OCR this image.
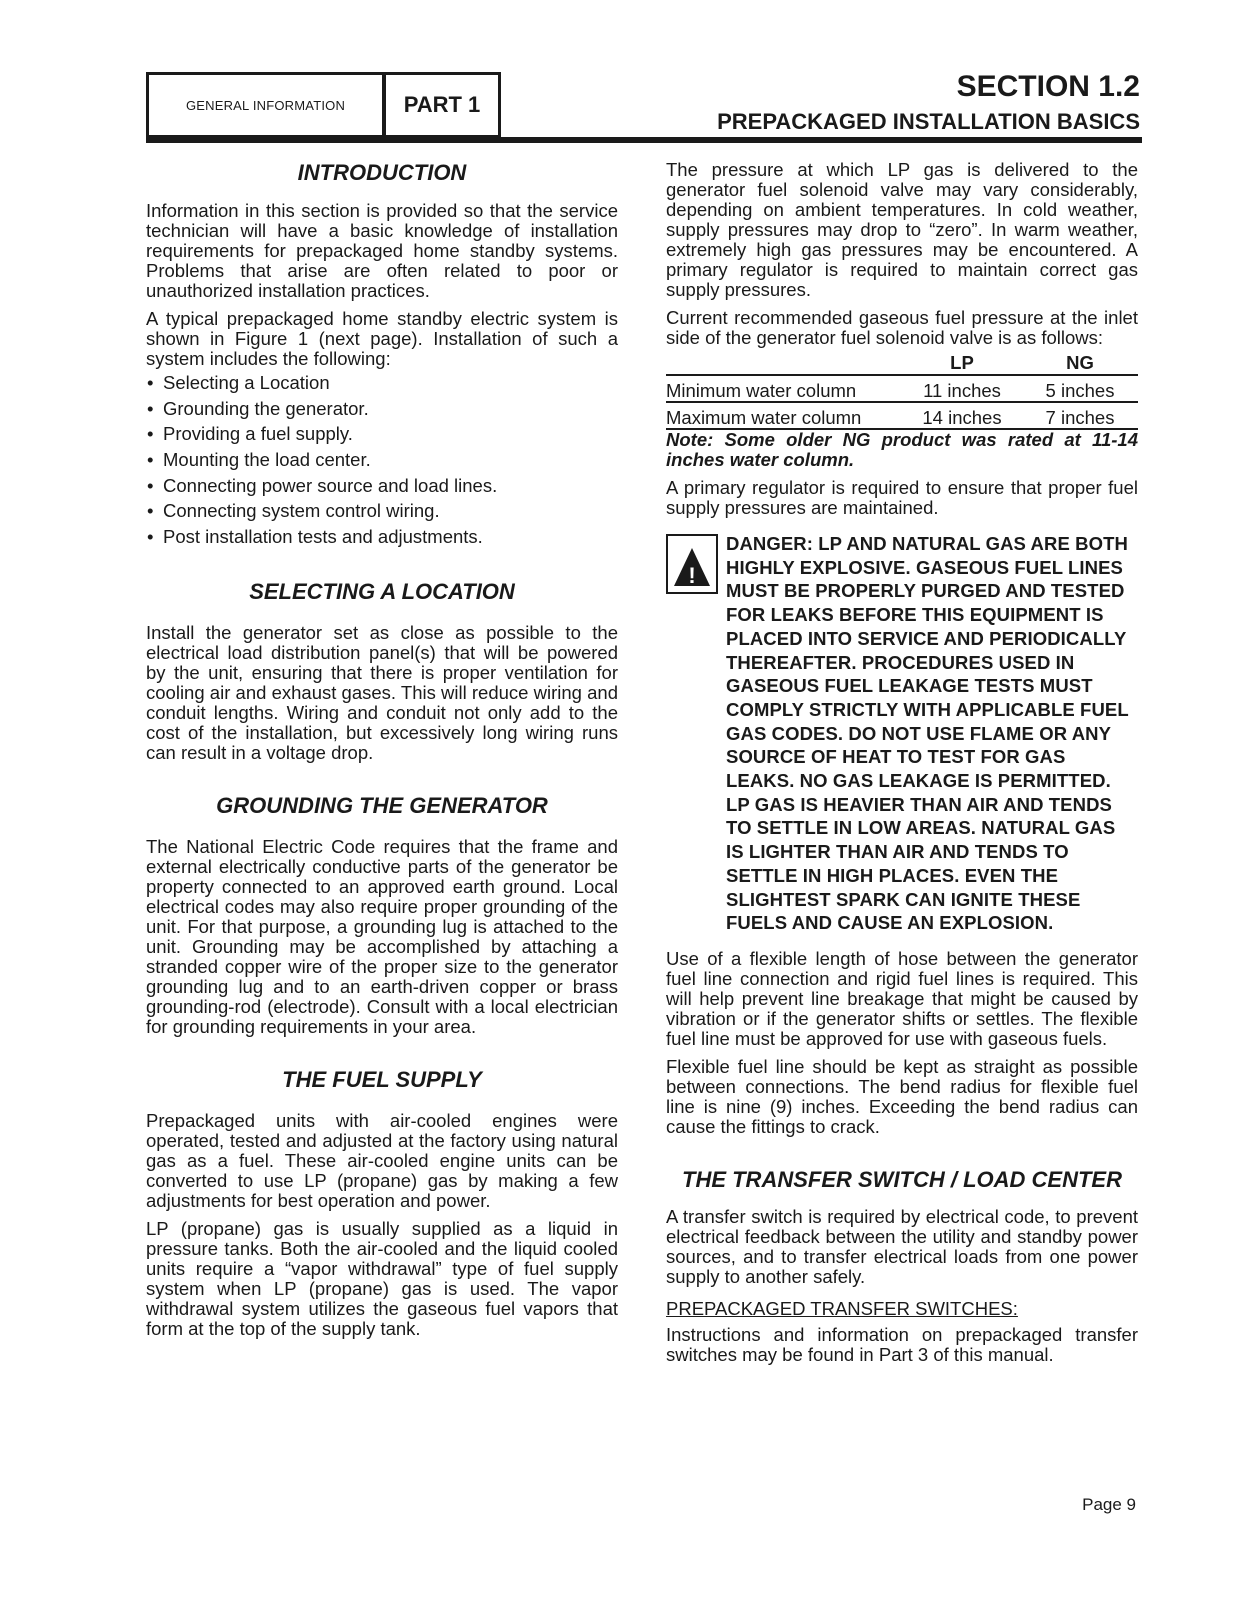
GENERAL INFORMATION	PART 1
SECTION 1.2
PREPACKAGED INSTALLATION BASICS
INTRODUCTION

Information in this section is provided so that the service technician will have a basic knowledge of installation requirements for prepackaged home standby systems. Problems that arise are often related to poor or unauthorized installation practices.

A typical prepackaged home standby electric system is shown in Figure 1 (next page). Installation of such a system includes the following:

• Selecting a Location
• Grounding the generator.
• Providing a fuel supply.
• Mounting the load center.
• Connecting power source and load lines.
• Connecting system control wiring.
• Post installation tests and adjustments.
SELECTING A LOCATION

Install the generator set as close as possible to the electrical load distribution panel(s) that will be powered by the unit, ensuring that there is proper ventilation for cooling air and exhaust gases. This will reduce wiring and conduit lengths. Wiring and conduit not only add to the cost of the installation, but excessively long wiring runs can result in a voltage drop.

GROUNDING THE GENERATOR

The National Electric Code requires that the frame and external electrically conductive parts of the generator be property connected to an approved earth ground. Local electrical codes may also require proper grounding of the unit. For that purpose, a grounding lug is attached to the unit. Grounding may be accomplished by attaching a stranded copper wire of the proper size to the generator grounding lug and to an earth-driven copper or brass grounding-rod (electrode). Consult with a local electrician for grounding requirements in your area.

THE FUEL SUPPLY

Prepackaged units with air-cooled engines were operated, tested and adjusted at the factory using natural gas as a fuel. These air-cooled engine units can be converted to use LP (propane) gas by making a few adjustments for best operation and power.

LP (propane) gas is usually supplied as a liquid in pressure tanks. Both the air-cooled and the liquid cooled units require a “vapor withdrawal” type of fuel supply system when LP (propane) gas is used. The vapor withdrawal system utilizes the gaseous fuel vapors that form at the top of the supply tank.

The pressure at which LP gas is delivered to the generator fuel solenoid valve may vary considerably, depending on ambient temperatures. In cold weather, supply pressures may drop to “zero”. In warm weather, extremely high gas pressures may be encountered. A primary regulator is required to maintain correct gas supply pressures.

Current recommended gaseous fuel pressure at the inlet side of the generator fuel solenoid valve is as follows:

	LP	NG
Minimum water column	11 inches	5 inches
Maximum water column	14 inches	7 inches

Note: Some older NG product was rated at 11-14 inches water column.

A primary regulator is required to ensure that proper fuel supply pressures are maintained.

!
DANGER: LP AND NATURAL GAS ARE BOTH HIGHLY EXPLOSIVE. GASEOUS FUEL LINES MUST BE PROPERLY PURGED AND TESTED FOR LEAKS BEFORE THIS EQUIPMENT IS PLACED INTO SERVICE AND PERIODICALLY THEREAFTER. PROCEDURES USED IN GASEOUS FUEL LEAKAGE TESTS MUST COMPLY STRICTLY WITH APPLICABLE FUEL GAS CODES. DO NOT USE FLAME OR ANY SOURCE OF HEAT TO TEST FOR GAS LEAKS. NO GAS LEAKAGE IS PERMITTED. LP GAS IS HEAVIER THAN AIR AND TENDS TO SETTLE IN LOW AREAS. NATURAL GAS IS LIGHTER THAN AIR AND TENDS TO SETTLE IN HIGH PLACES. EVEN THE SLIGHTEST SPARK CAN IGNITE THESE FUELS AND CAUSE AN EXPLOSION.

Use of a flexible length of hose between the generator fuel line connection and rigid fuel lines is required. This will help prevent line breakage that might be caused by vibration or if the generator shifts or settles. The flexible fuel line must be approved for use with gaseous fuels.

Flexible fuel line should be kept as straight as possible between connections. The bend radius for flexible fuel line is nine (9) inches. Exceeding the bend radius can cause the fittings to crack.

THE TRANSFER SWITCH / LOAD CENTER

A transfer switch is required by electrical code, to prevent electrical feedback between the utility and standby power sources, and to transfer electrical loads from one power supply to another safely.

PREPACKAGED TRANSFER SWITCHES:

Instructions and information on prepackaged transfer switches may be found in Part 3 of this manual.

Page 9
